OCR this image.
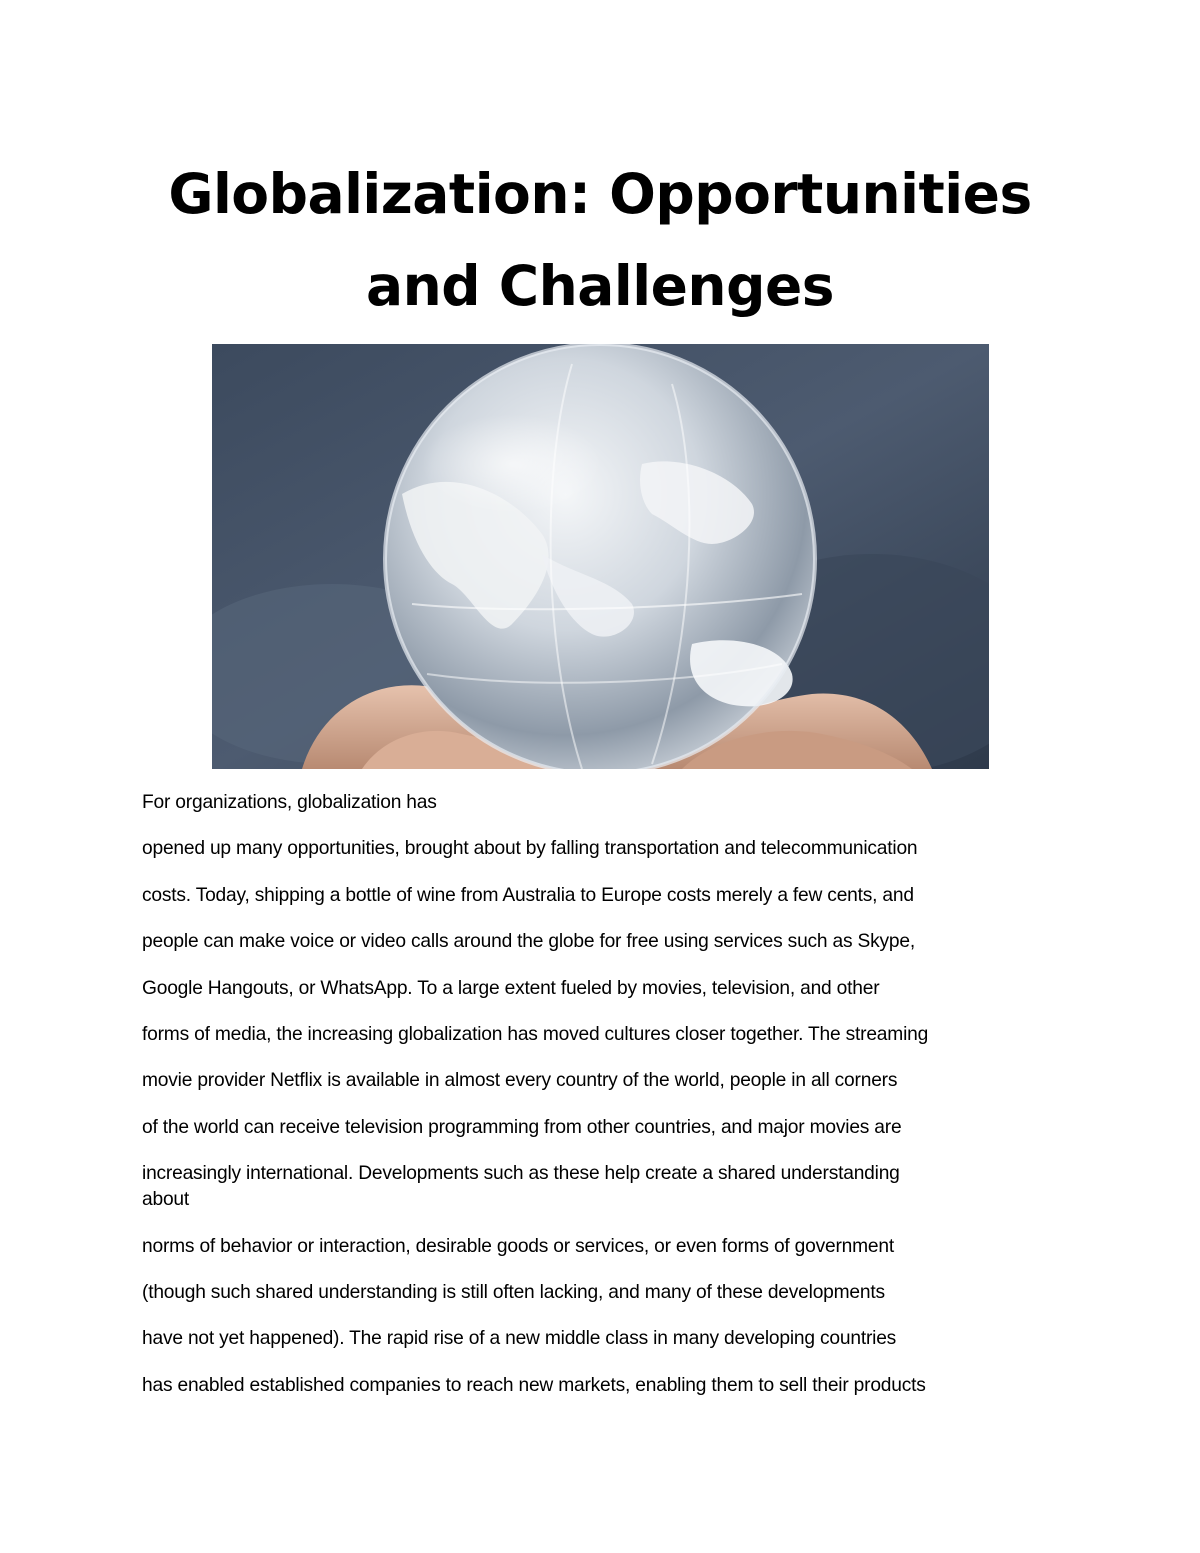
Globalization: Opportunities
and Challenges
For organizations, globalization has
opened up many opportunities, brought about by falling transportation and telecommunication
costs. Today, shipping a bottle of wine from Australia to Europe costs merely a few cents, and
people can make voice or video calls around the globe for free using services such as Skype,
Google Hangouts, or WhatsApp. To a large extent fueled by movies, television, and other
forms of media, the increasing globalization has moved cultures closer together. The streaming
movie provider Netflix is available in almost every country of the world, people in all corners
of the world can receive television programming from other countries, and major movies are
increasingly international. Developments such as these help create a shared understanding
about
norms of behavior or interaction, desirable goods or services, or even forms of government
(though such shared understanding is still often lacking, and many of these developments
have not yet happened). The rapid rise of a new middle class in many developing countries
has enabled established companies to reach new markets, enabling them to sell their products
